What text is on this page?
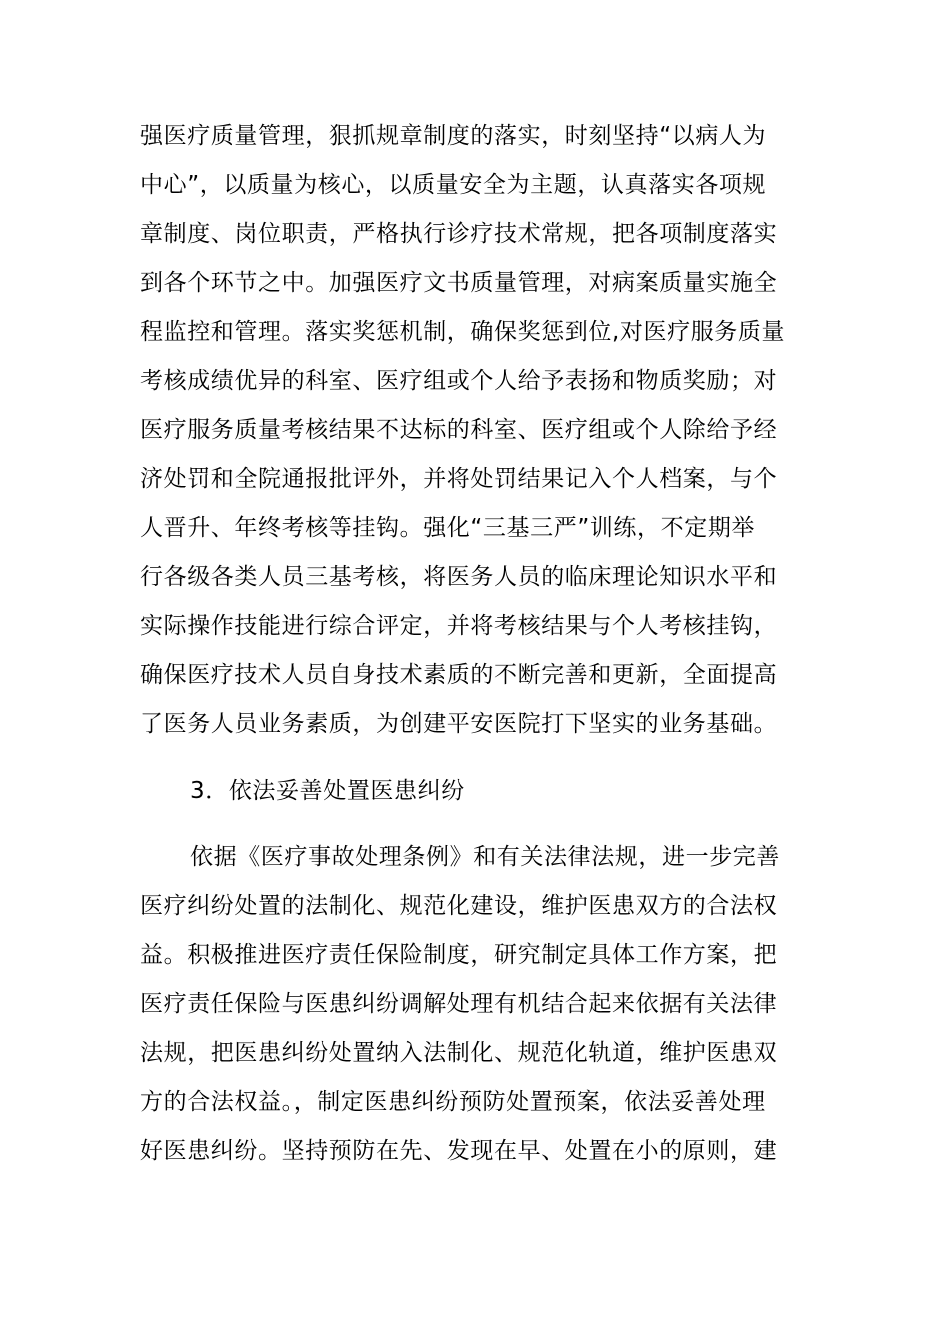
强医疗质量管理，狠抓规章制度的落实，时刻坚持“以病人为
中心”，以质量为核心，以质量安全为主题，认真落实各项规
章制度、岗位职责，严格执行诊疗技术常规，把各项制度落实
到各个环节之中。加强医疗文书质量管理，对病案质量实施全
程监控和管理。落实奖惩机制，确保奖惩到位,对医疗服务质量
考核成绩优异的科室、医疗组或个人给予表扬和物质奖励；对
医疗服务质量考核结果不达标的科室、医疗组或个人除给予经
济处罚和全院通报批评外，并将处罚结果记入个人档案，与个
人晋升、年终考核等挂钩。强化“三基三严”训练，不定期举
行各级各类人员三基考核，将医务人员的临床理论知识水平和
实际操作技能进行综合评定，并将考核结果与个人考核挂钩，
确保医疗技术人员自身技术素质的不断完善和更新，全面提高
了医务人员业务素质，为创建平安医院打下坚实的业务基础。
3．依法妥善处置医患纠纷
依据《医疗事故处理条例》和有关法律法规，进一步完善
医疗纠纷处置的法制化、规范化建设，维护医患双方的合法权
益。积极推进医疗责任保险制度，研究制定具体工作方案，把
医疗责任保险与医患纠纷调解处理有机结合起来依据有关法律
法规，把医患纠纷处置纳入法制化、规范化轨道，维护医患双
方的合法权益。，制定医患纠纷预防处置预案，依法妥善处理
好医患纠纷。坚持预防在先、发现在早、处置在小的原则，建
